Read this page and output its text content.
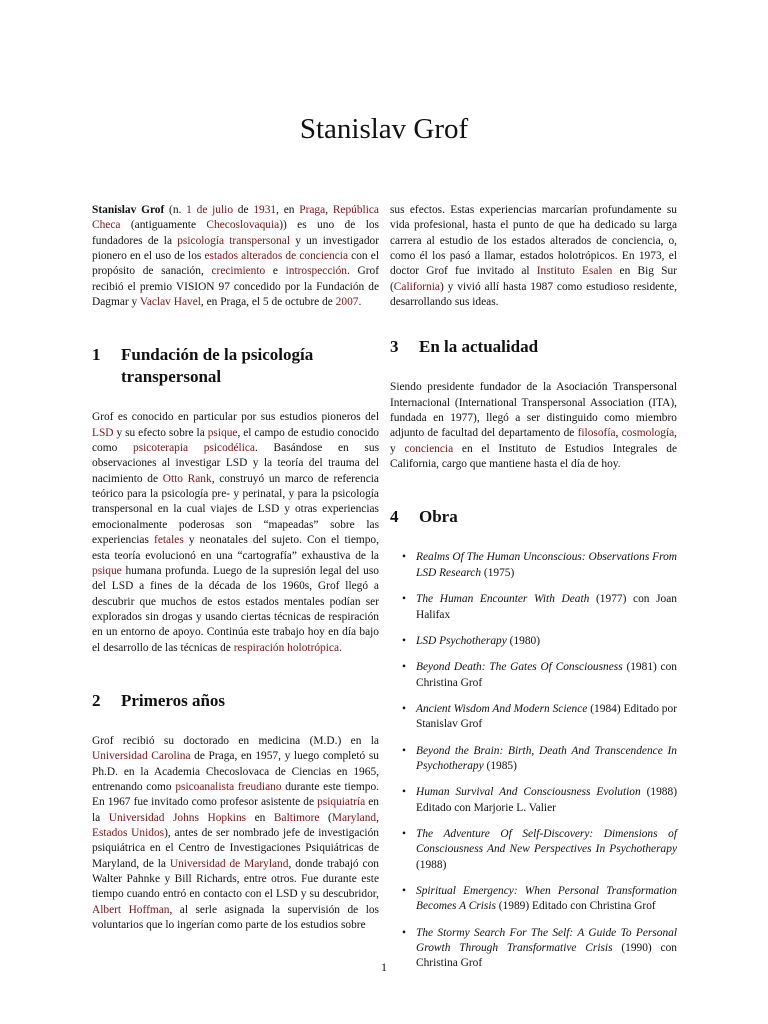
Stanislav Grof

Stanislav Grof (n. 1 de julio de 1931, en Praga, República Checa (antiguamente Checoslovaquia)) es uno de los fundadores de la psicología transpersonal y un investigador pionero en el uso de los estados alterados de conciencia con el propósito de sanación, crecimiento e introspección. Grof recibió el premio VISION 97 concedido por la Fundación de Dagmar y Vaclav Havel, en Praga, el 5 de octubre de 2007.

1	Fundación de la psicología transpersonal

Grof es conocido en particular por sus estudios pioneros del LSD y su efecto sobre la psique, el campo de estudio conocido como psicoterapia psicodélica. Basándose en sus observaciones al investigar LSD y la teoría del trauma del nacimiento de Otto Rank, construyó un marco de referencia teórico para la psicología pre- y perinatal, y para la psicología transpersonal en la cual viajes de LSD y otras experiencias emocionalmente poderosas son “mapeadas” sobre las experiencias fetales y neonatales del sujeto. Con el tiempo, esta teoría evolucionó en una “cartografía” exhaustiva de la psique humana profunda. Luego de la supresión legal del uso del LSD a fines de la década de los 1960s, Grof llegó a descubrir que muchos de estos estados mentales podían ser explorados sin drogas y usando ciertas técnicas de respiración en un entorno de apoyo. Continúa este trabajo hoy en día bajo el desarrollo de las técnicas de respiración holotrópica.

2	Primeros años

Grof recibió su doctorado en medicina (M.D.) en la Universidad Carolina de Praga, en 1957, y luego completó su Ph.D. en la Academia Checoslovaca de Ciencias en 1965, entrenando como psicoanalista freudiano durante este tiempo. En 1967 fue invitado como profesor asistente de psiquiatría en la Universidad Johns Hopkins en Baltimore (Maryland, Estados Unidos), antes de ser nombrado jefe de investigación psiquiátrica en el Centro de Investigaciones Psiquiátricas de Maryland, de la Universidad de Maryland, donde trabajó con Walter Pahnke y Bill Richards, entre otros. Fue durante este tiempo cuando entró en contacto con el LSD y su descubridor, Albert Hoffman, al serle asignada la supervisión de los voluntarios que lo ingerían como parte de los estudios sobre

sus efectos. Estas experiencias marcarían profundamente su vida profesional, hasta el punto de que ha dedicado su larga carrera al estudio de los estados alterados de conciencia, o, como él los pasó a llamar, estados holotrópicos. En 1973, el doctor Grof fue invitado al Instituto Esalen en Big Sur (California) y vivió allí hasta 1987 como estudioso residente, desarrollando sus ideas.

3	En la actualidad

Siendo presidente fundador de la Asociación Transpersonal Internacional (International Transpersonal Association (ITA), fundada en 1977), llegó a ser distinguido como miembro adjunto de facultad del departamento de filosofía, cosmología, y conciencia en el Instituto de Estudios Integrales de California, cargo que mantiene hasta el día de hoy.

4	Obra
• Realms Of The Human Unconscious: Observations From LSD Research (1975)
• The Human Encounter With Death (1977) con Joan Halifax
• LSD Psychotherapy (1980)
• Beyond Death: The Gates Of Consciousness (1981) con Christina Grof
• Ancient Wisdom And Modern Science (1984) Editado por Stanislav Grof
• Beyond the Brain: Birth, Death And Transcendence In Psychotherapy (1985)
• Human Survival And Consciousness Evolution (1988) Editado con Marjorie L. Valier
• The Adventure Of Self-Discovery: Dimensions of Consciousness And New Perspectives In Psychotherapy (1988)
• Spiritual Emergency: When Personal Transformation Becomes A Crisis (1989) Editado con Christina Grof
• The Stormy Search For The Self: A Guide To Personal Growth Through Transformative Crisis (1990) con Christina Grof
1
